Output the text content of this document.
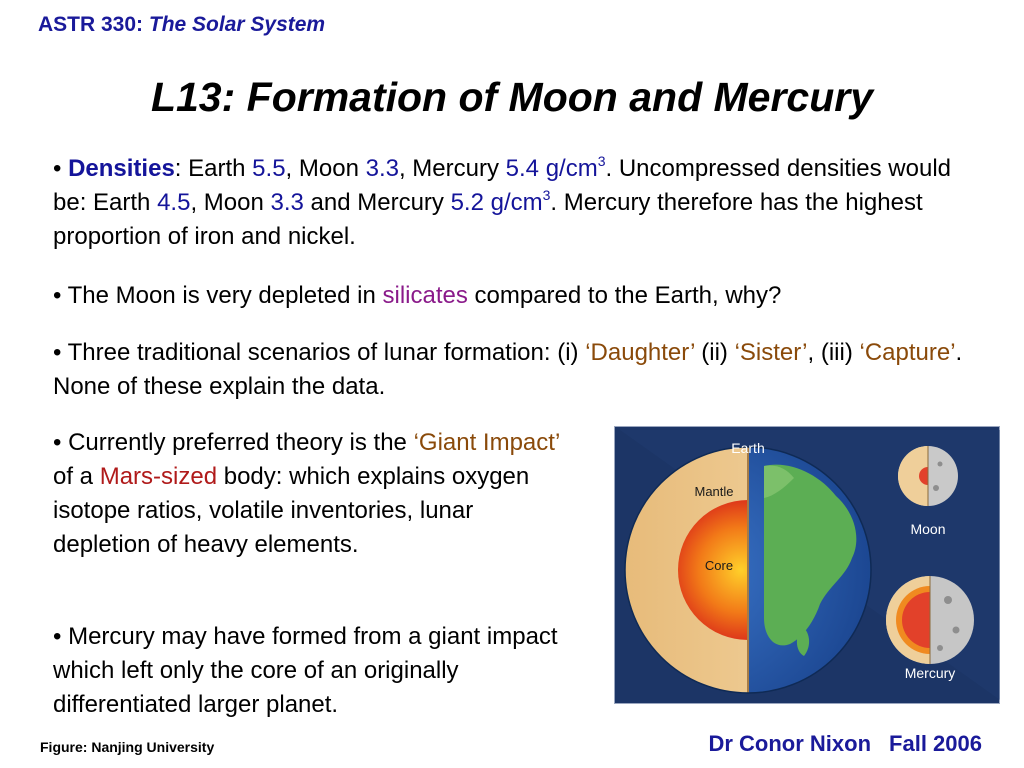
ASTR 330: The Solar System
L13: Formation of Moon and Mercury

• Densities: Earth 5.5, Moon 3.3, Mercury 5.4 $g/cm^3$. Uncompressed densities would be: Earth 4.5, Moon 3.3 and Mercury 5.2 $g/cm^3$. Mercury therefore has the highest proportion of iron and nickel.

• The Moon is very depleted in silicates compared to the Earth, why?

• Three traditional scenarios of lunar formation: (i) ‘Daughter’ (ii) ‘Sister’, (iii) ‘Capture’. None of these explain the data.

• Currently preferred theory is the ‘Giant Impact’ of a Mars-sized body: which explains oxygen isotope ratios, volatile inventories, lunar depletion of heavy elements.

• Mercury may have formed from a giant impact which left only the core of an originally differentiated larger planet.

Earth
Mantle
Core
Moon
Mercury
Figure: Nanjing University	Dr Conor Nixon Fall 2006
